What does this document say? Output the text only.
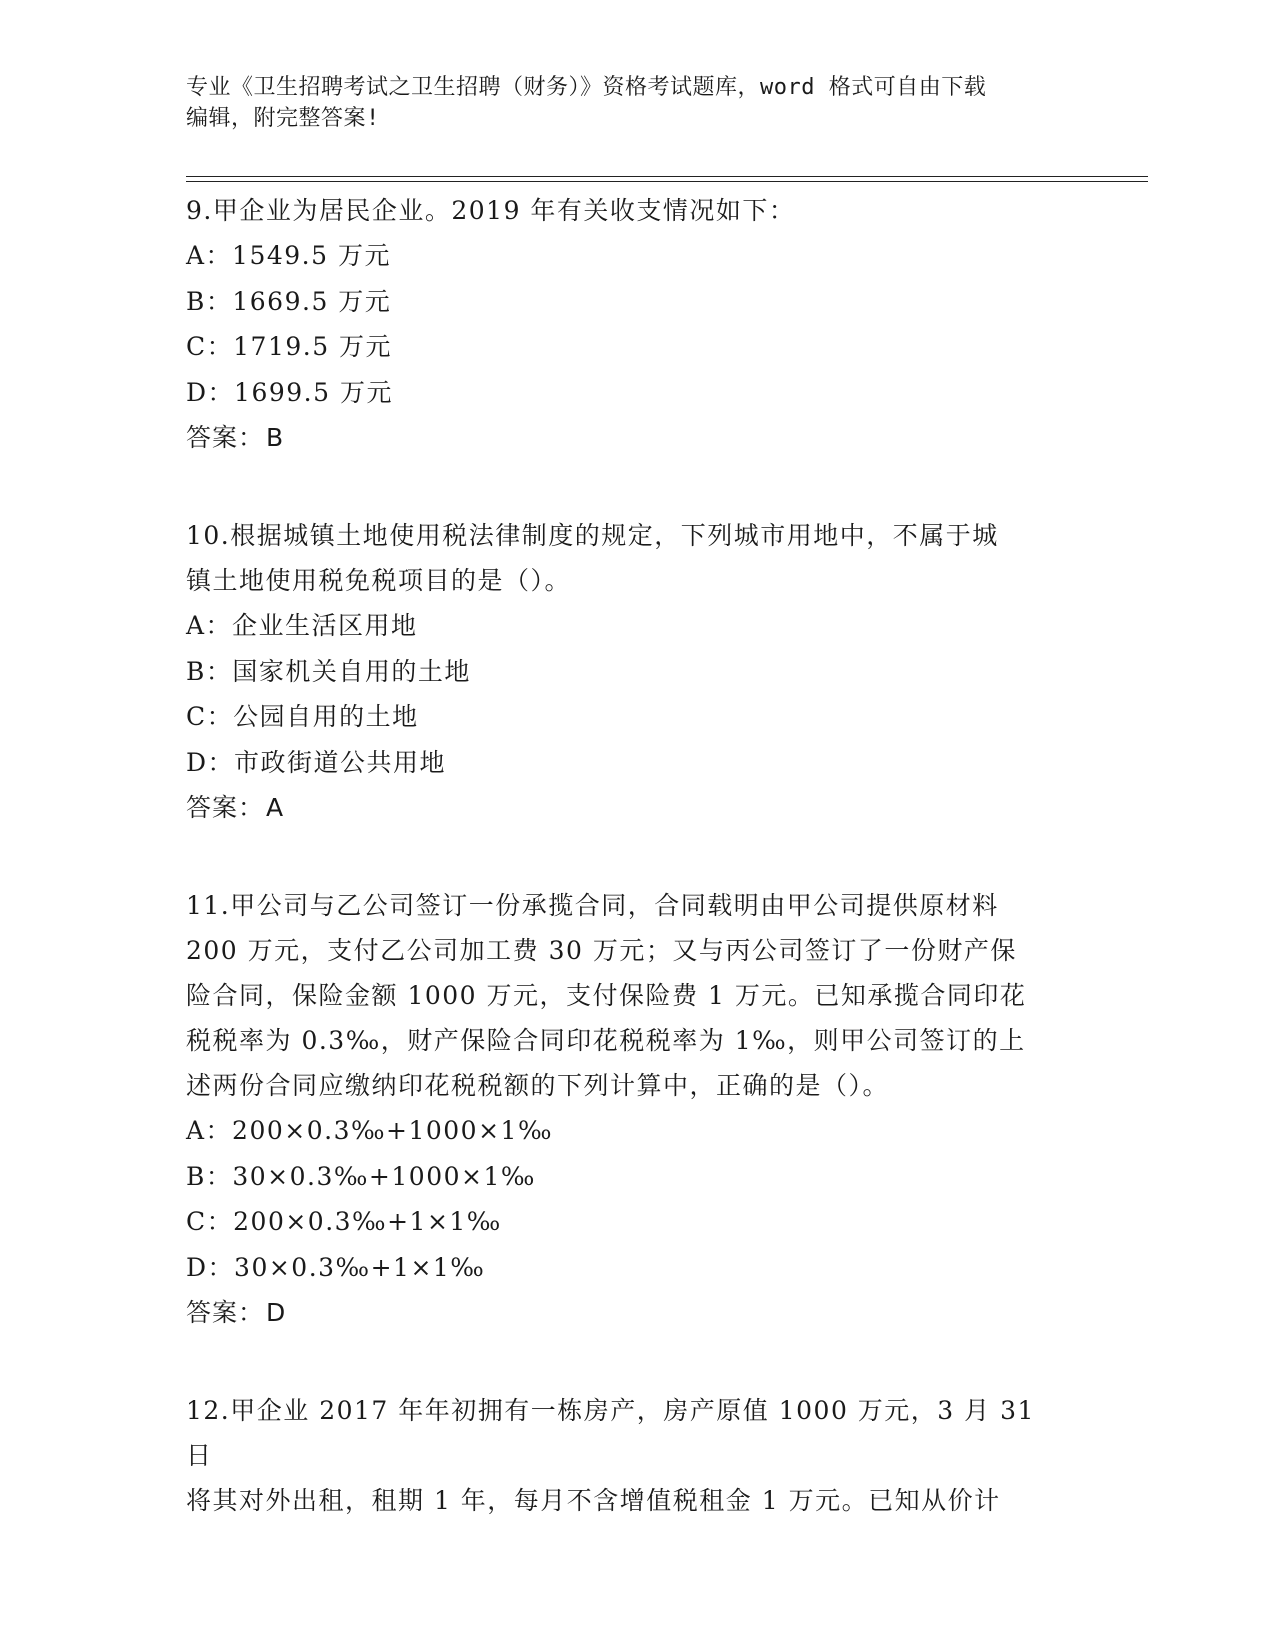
专业《卫生招聘考试之卫生招聘（财务）》资格考试题库，word 格式可自由下载
编辑，附完整答案!
9.甲企业为居民企业。2019 年有关收支情况如下：
A：1549.5 万元
B：1669.5 万元
C：1719.5 万元
D：1699.5 万元
答案：B
10.根据城镇土地使用税法律制度的规定，下列城市用地中，不属于城
镇土地使用税免税项目的是（）。
A：企业生活区用地
B：国家机关自用的土地
C：公园自用的土地
D：市政街道公共用地
答案：A
11.甲公司与乙公司签订一份承揽合同，合同载明由甲公司提供原材料
200 万元，支付乙公司加工费 30 万元；又与丙公司签订了一份财产保
险合同，保险金额 1000 万元，支付保险费 1 万元。已知承揽合同印花
税税率为 0.3‰，财产保险合同印花税税率为 1‰，则甲公司签订的上
述两份合同应缴纳印花税税额的下列计算中，正确的是（）。
A：200×0.3‰+1000×1‰
B：30×0.3‰+1000×1‰
C：200×0.3‰+1×1‰
D：30×0.3‰+1×1‰
答案：D
12.甲企业 2017 年年初拥有一栋房产，房产原值 1000 万元，3 月 31 日
将其对外出租，租期 1 年，每月不含增值税租金 1 万元。已知从价计
